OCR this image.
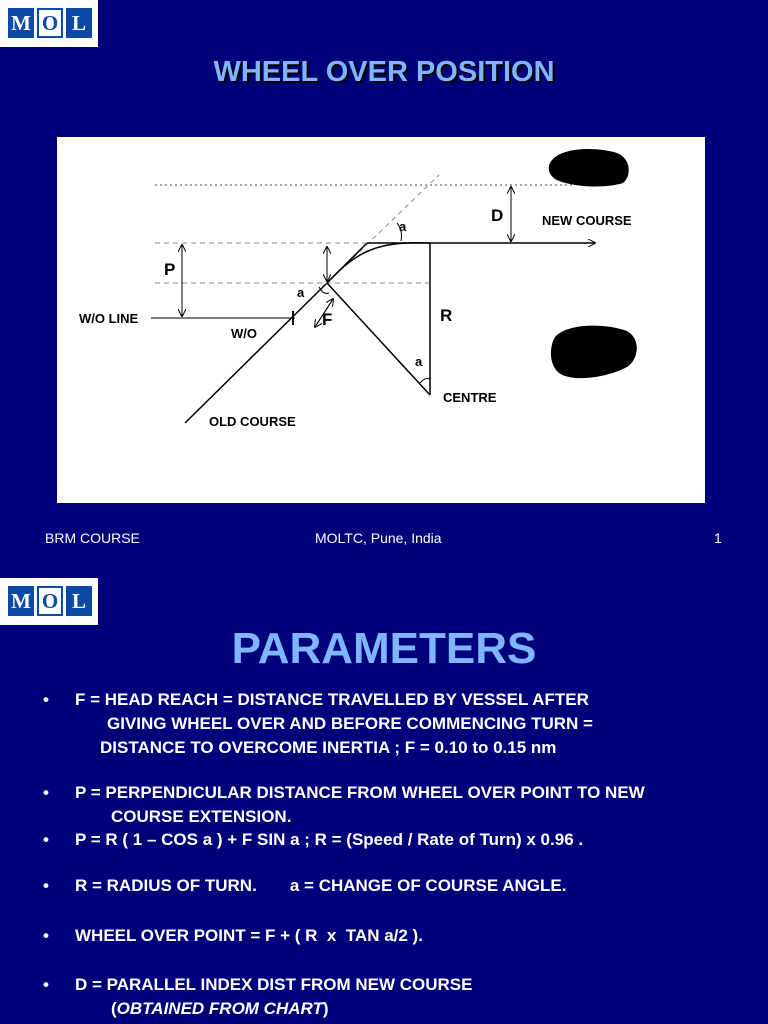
M O L
WHEEL OVER POSITION
D	NEW COURSE
P
R
F
W/O LINE
W/O
CENTRE
OLD COURSE
a
a
a
BRM COURSE	MOLTC, Pune, India	1
M O L
PARAMETERS
• F = HEAD REACH = DISTANCE TRAVELLED BY VESSEL AFTER
GIVING WHEEL OVER AND BEFORE COMMENCING TURN =
DISTANCE TO OVERCOME INERTIA ; F = 0.10 to 0.15 nm
• P = PERPENDICULAR DISTANCE FROM WHEEL OVER POINT TO NEW
COURSE EXTENSION.
• P = R ( 1 – COS a ) + F SIN a ; R = (Speed / Rate of Turn) x 0.96 .
• R = RADIUS OF TURN.       a = CHANGE OF COURSE ANGLE.
• WHEEL OVER POINT = F + ( R  x  TAN a/2 ).
• D = PARALLEL INDEX DIST FROM NEW COURSE
(OBTAINED FROM CHART)
